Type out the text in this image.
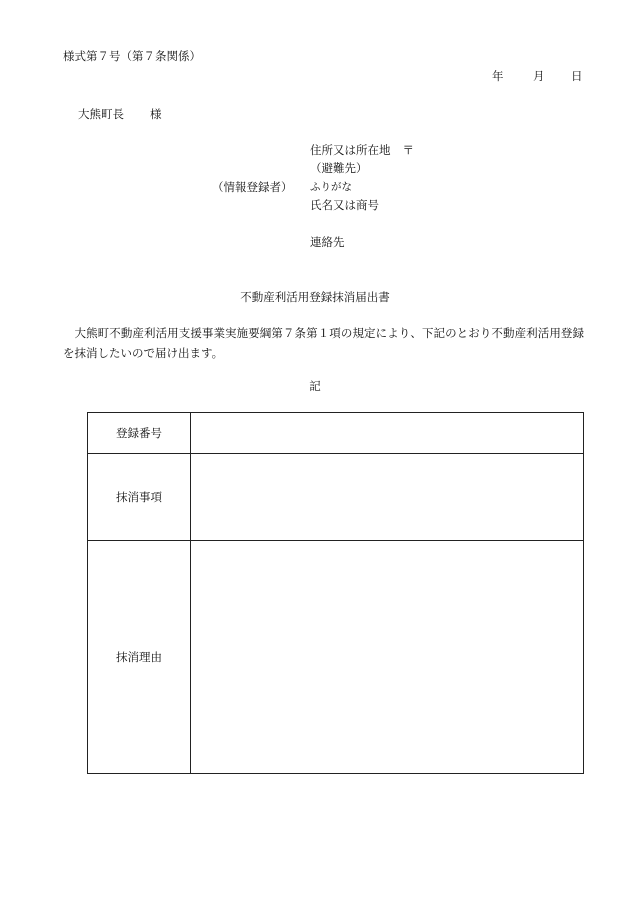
様式第７号（第７条関係）
年	月 日
大熊町長 様
（情報登録者）
住所又は所在地 〒
（避難先）
ふりがな
氏名又は商号
連絡先
不動産利活用登録抹消届出書
大熊町不動産利活用支援事業実施要綱第７条第１項の規定により、下記のとおり不動産利活用登録を抹消したいので届け出ます。
記
登録番号	
抹消事項	
抹消理由	
